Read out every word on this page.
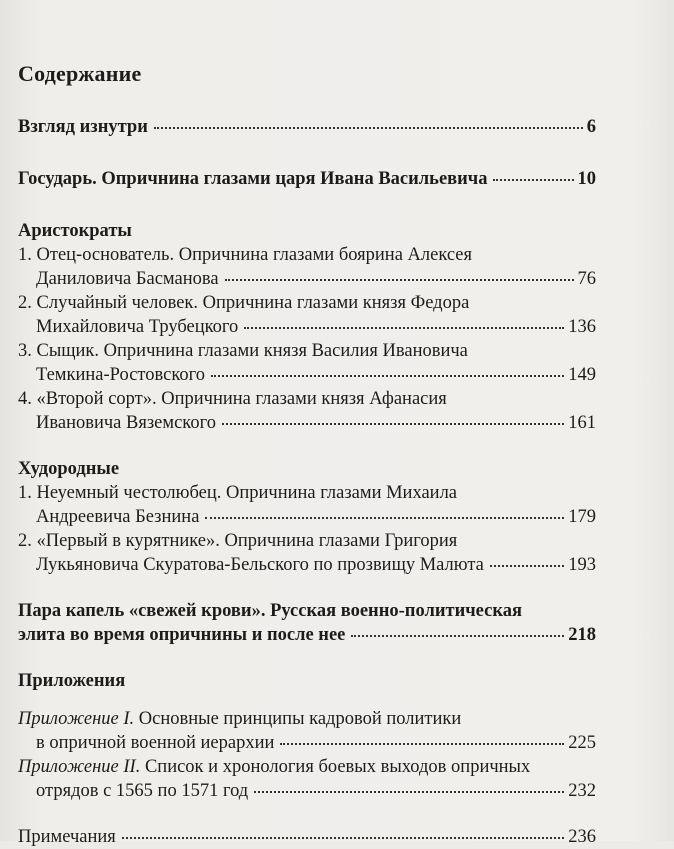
Содержание
Взгляд изнутри	6
Государь. Опричнина глазами царя Ивана Васильевича	10
Аристократы
1. Отец-основатель. Опричнина глазами боярина Алексея
Даниловича Басманова	76
2. Случайный человек. Опричнина глазами князя Федора
Михайловича Трубецкого	136
3. Сыщик. Опричнина глазами князя Василия Ивановича
Темкина-Ростовского	149
4. «Второй сорт». Опричнина глазами князя Афанасия
Ивановича Вяземского	161
Худородные
1. Неуемный честолюбец. Опричнина глазами Михаила
Андреевича Безнина	179
2. «Первый в курятнике». Опричнина глазами Григория
Лукьяновича Скуратова-Бельского по прозвищу Малюта	193
Пара капель «свежей крови». Русская военно-политическая
элита во время опричнины и после нее	218
Приложения
Приложение I. Основные принципы кадровой политики
в опричной военной иерархии	225
Приложение II. Список и хронология боевых выходов опричных
отрядов с 1565 по 1571 год	232
Примечания	236
